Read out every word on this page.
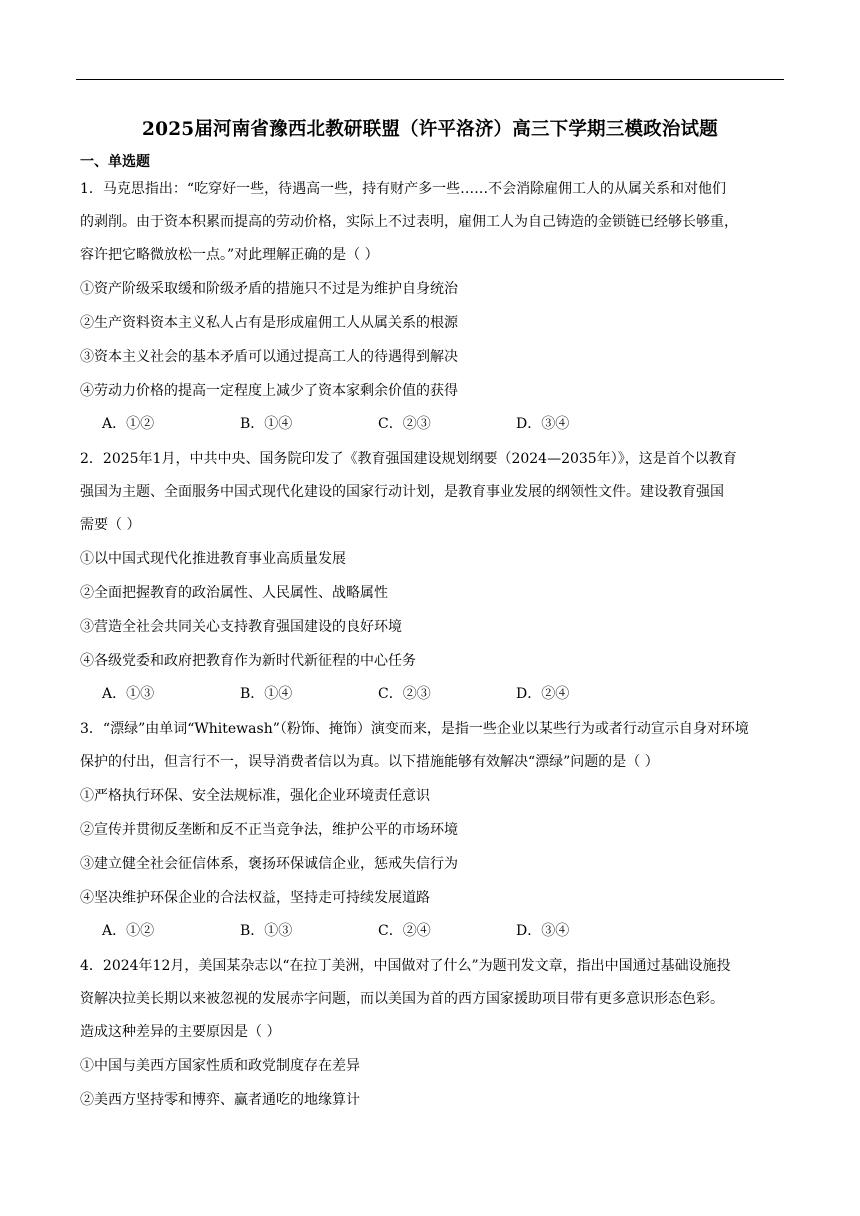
2025届河南省豫西北教研联盟（许平洛济）高三下学期三模政治试题
一、单选题
1．马克思指出：“吃穿好一些，待遇高一些，持有财产多一些……不会消除雇佣工人的从属关系和对他们
的剥削。由于资本积累而提高的劳动价格，实际上不过表明，雇佣工人为自己铸造的金锁链已经够长够重，
容许把它略微放松一点。”对此理解正确的是（ ）
①资产阶级采取缓和阶级矛盾的措施只不过是为维护自身统治
②生产资料资本主义私人占有是形成雇佣工人从属关系的根源
③资本主义社会的基本矛盾可以通过提高工人的待遇得到解决
④劳动力价格的提高一定程度上减少了资本家剩余价值的获得
A．①②	B．①④	C．②③	D．③④
2．2025年1月，中共中央、国务院印发了《教育强国建设规划纲要（2024—2035年）》，这是首个以教育
强国为主题、全面服务中国式现代化建设的国家行动计划，是教育事业发展的纲领性文件。建设教育强国
需要（ ）
①以中国式现代化推进教育事业高质量发展
②全面把握教育的政治属性、人民属性、战略属性
③营造全社会共同关心支持教育强国建设的良好环境
④各级党委和政府把教育作为新时代新征程的中心任务
A．①③	B．①④	C．②③	D．②④
3．“漂绿”由单词“Whitewash”（粉饰、掩饰）演变而来，是指一些企业以某些行为或者行动宣示自身对环境
保护的付出，但言行不一，误导消费者信以为真。以下措施能够有效解决“漂绿”问题的是（ ）
①严格执行环保、安全法规标准，强化企业环境责任意识
②宣传并贯彻反垄断和反不正当竞争法，维护公平的市场环境
③建立健全社会征信体系，褒扬环保诚信企业，惩戒失信行为
④坚决维护环保企业的合法权益，坚持走可持续发展道路
A．①②	B．①③	C．②④	D．③④
4．2024年12月，美国某杂志以“在拉丁美洲，中国做对了什么”为题刊发文章，指出中国通过基础设施投
资解决拉美长期以来被忽视的发展赤字问题，而以美国为首的西方国家援助项目带有更多意识形态色彩。
造成这种差异的主要原因是（ ）
①中国与美西方国家性质和政党制度存在差异
②美西方坚持零和博弈、赢者通吃的地缘算计
